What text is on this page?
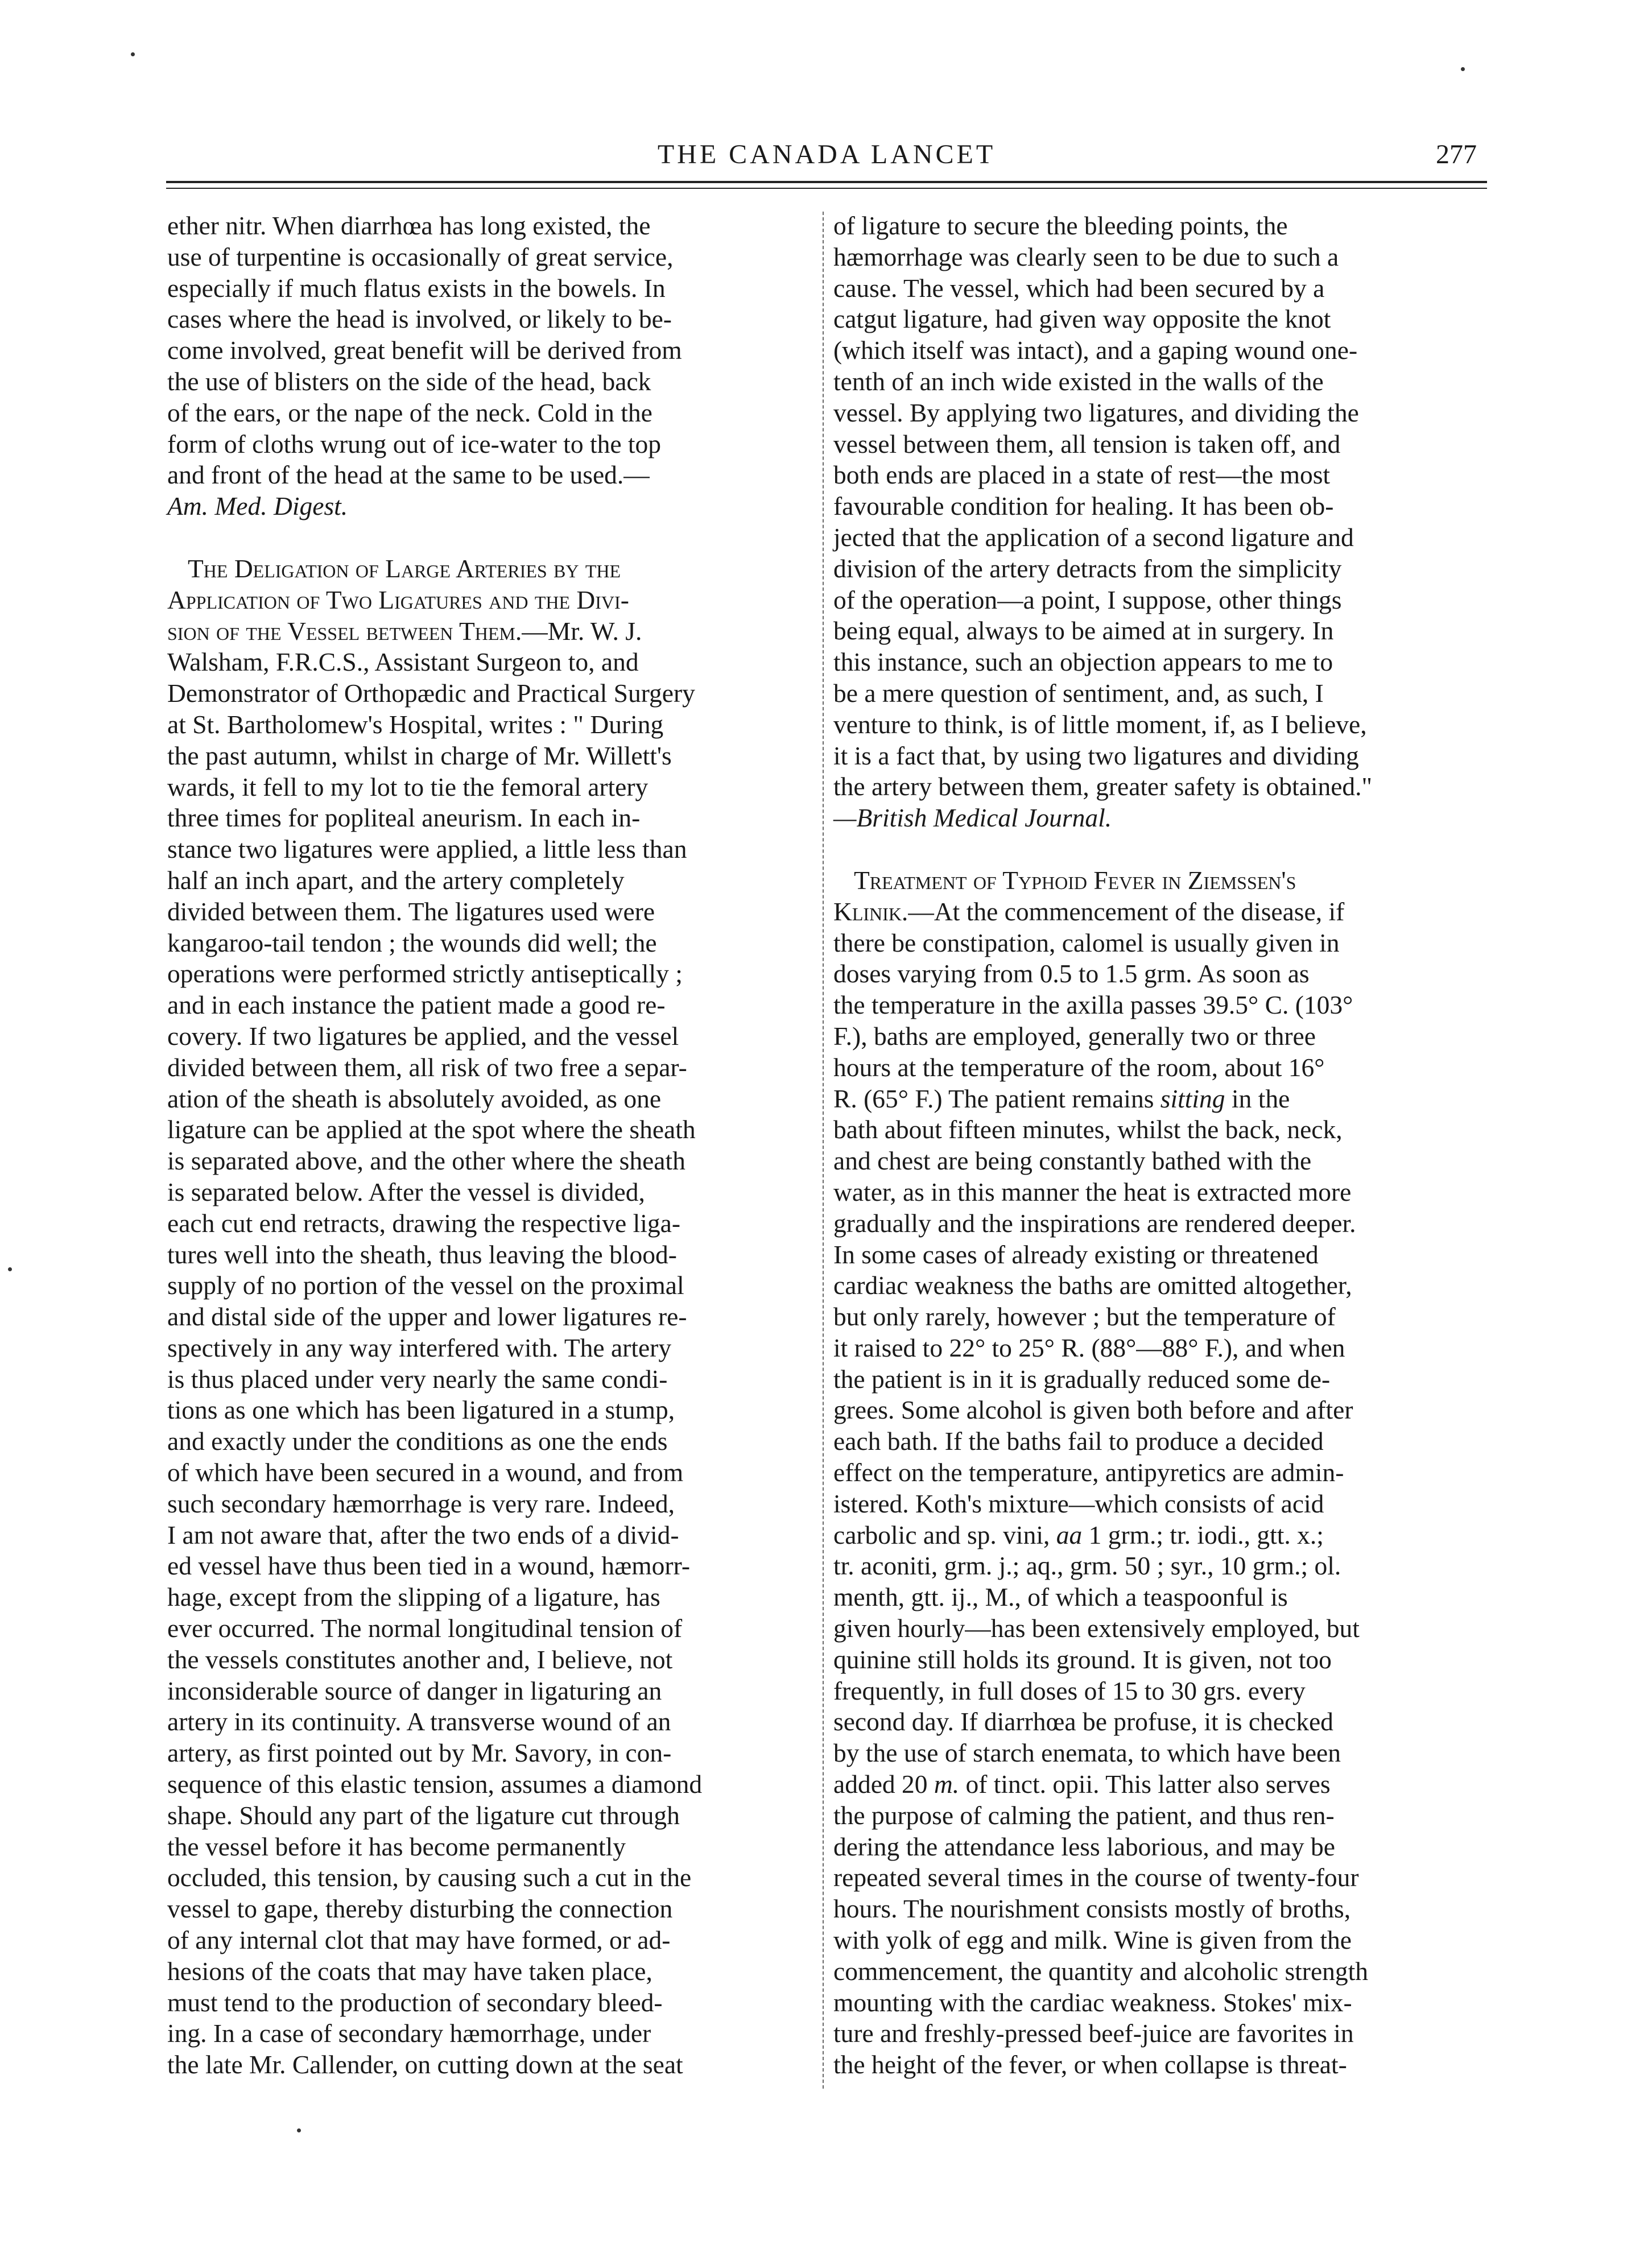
THE CANADA LANCET	277
ether nitr. When diarrhœa has long existed, the
use of turpentine is occasionally of great service,
especially if much flatus exists in the bowels. In
cases where the head is involved, or likely to be-
come involved, great benefit will be derived from
the use of blisters on the side of the head, back
of the ears, or the nape of the neck. Cold in the
form of cloths wrung out of ice-water to the top
and front of the head at the same to be used.—
Am. Med. Digest.
The Deligation of Large Arteries by the
Application of Two Ligatures and the Divi-
sion of the Vessel between Them.—Mr. W. J.
Walsham, F.R.C.S., Assistant Surgeon to, and
Demonstrator of Orthopædic and Practical Surgery
at St. Bartholomew's Hospital, writes : " During
the past autumn, whilst in charge of Mr. Willett's
wards, it fell to my lot to tie the femoral artery
three times for popliteal aneurism. In each in-
stance two ligatures were applied, a little less than
half an inch apart, and the artery completely
divided between them. The ligatures used were
kangaroo-tail tendon ; the wounds did well; the
operations were performed strictly antiseptically ;
and in each instance the patient made a good re-
covery. If two ligatures be applied, and the vessel
divided between them, all risk of two free a separ-
ation of the sheath is absolutely avoided, as one
ligature can be applied at the spot where the sheath
is separated above, and the other where the sheath
is separated below. After the vessel is divided,
each cut end retracts, drawing the respective liga-
tures well into the sheath, thus leaving the blood-
supply of no portion of the vessel on the proximal
and distal side of the upper and lower ligatures re-
spectively in any way interfered with. The artery
is thus placed under very nearly the same condi-
tions as one which has been ligatured in a stump,
and exactly under the conditions as one the ends
of which have been secured in a wound, and from
such secondary hæmorrhage is very rare. Indeed,
I am not aware that, after the two ends of a divid-
ed vessel have thus been tied in a wound, hæmorr-
hage, except from the slipping of a ligature, has
ever occurred. The normal longitudinal tension of
the vessels constitutes another and, I believe, not
inconsiderable source of danger in ligaturing an
artery in its continuity. A transverse wound of an
artery, as first pointed out by Mr. Savory, in con-
sequence of this elastic tension, assumes a diamond
shape. Should any part of the ligature cut through
the vessel before it has become permanently
occluded, this tension, by causing such a cut in the
vessel to gape, thereby disturbing the connection
of any internal clot that may have formed, or ad-
hesions of the coats that may have taken place,
must tend to the production of secondary bleed-
ing. In a case of secondary hæmorrhage, under
the late Mr. Callender, on cutting down at the seat
of ligature to secure the bleeding points, the
hæmorrhage was clearly seen to be due to such a
cause. The vessel, which had been secured by a
catgut ligature, had given way opposite the knot
(which itself was intact), and a gaping wound one-
tenth of an inch wide existed in the walls of the
vessel. By applying two ligatures, and dividing the
vessel between them, all tension is taken off, and
both ends are placed in a state of rest—the most
favourable condition for healing. It has been ob-
jected that the application of a second ligature and
division of the artery detracts from the simplicity
of the operation—a point, I suppose, other things
being equal, always to be aimed at in surgery. In
this instance, such an objection appears to me to
be a mere question of sentiment, and, as such, I
venture to think, is of little moment, if, as I believe,
it is a fact that, by using two ligatures and dividing
the artery between them, greater safety is obtained."
—British Medical Journal.
Treatment of Typhoid Fever in Ziemssen's
Klinik.—At the commencement of the disease, if
there be constipation, calomel is usually given in
doses varying from 0.5 to 1.5 grm. As soon as
the temperature in the axilla passes 39.5° C. (103°
F.), baths are employed, generally two or three
hours at the temperature of the room, about 16°
R. (65° F.) The patient remains sitting in the
bath about fifteen minutes, whilst the back, neck,
and chest are being constantly bathed with the
water, as in this manner the heat is extracted more
gradually and the inspirations are rendered deeper.
In some cases of already existing or threatened
cardiac weakness the baths are omitted altogether,
but only rarely, however ; but the temperature of
it raised to 22° to 25° R. (88°—88° F.), and when
the patient is in it is gradually reduced some de-
grees. Some alcohol is given both before and after
each bath. If the baths fail to produce a decided
effect on the temperature, antipyretics are admin-
istered. Koth's mixture—which consists of acid
carbolic and sp. vini, aa 1 grm.; tr. iodi., gtt. x.;
tr. aconiti, grm. j.; aq., grm. 50 ; syr., 10 grm.; ol.
menth, gtt. ij., M., of which a teaspoonful is
given hourly—has been extensively employed, but
quinine still holds its ground. It is given, not too
frequently, in full doses of 15 to 30 grs. every
second day. If diarrhœa be profuse, it is checked
by the use of starch enemata, to which have been
added 20 m. of tinct. opii. This latter also serves
the purpose of calming the patient, and thus ren-
dering the attendance less laborious, and may be
repeated several times in the course of twenty-four
hours. The nourishment consists mostly of broths,
with yolk of egg and milk. Wine is given from the
commencement, the quantity and alcoholic strength
mounting with the cardiac weakness. Stokes' mix-
ture and freshly-pressed beef-juice are favorites in
the height of the fever, or when collapse is threat-
